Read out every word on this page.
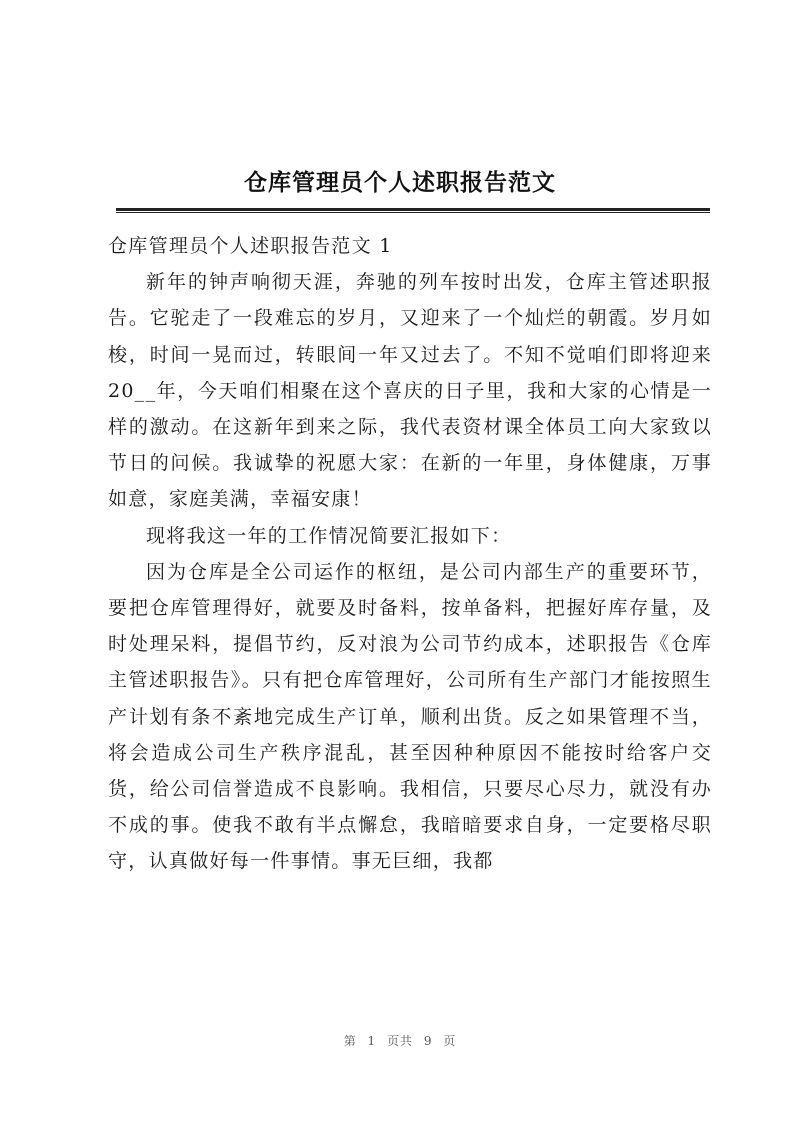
仓库管理员个人述职报告范文

仓库管理员个人述职报告范文 1

新年的钟声响彻天涯，奔驰的列车按时出发，仓库主管述职报告。它驼走了一段难忘的岁月，又迎来了一个灿烂的朝霞。岁月如梭，时间一晃而过，转眼间一年又过去了。不知不觉咱们即将迎来 20__年，今天咱们相聚在这个喜庆的日子里，我和大家的心情是一样的激动。在这新年到来之际，我代表资材课全体员工向大家致以节日的问候。我诚挚的祝愿大家：在新的一年里，身体健康，万事如意，家庭美满，幸福安康！

现将我这一年的工作情况简要汇报如下：

因为仓库是全公司运作的枢纽，是公司内部生产的重要环节，要把仓库管理得好，就要及时备料，按单备料，把握好库存量，及时处理呆料，提倡节约，反对浪为公司节约成本，述职报告《仓库主管述职报告》。只有把仓库管理好，公司所有生产部门才能按照生产计划有条不紊地完成生产订单，顺利出货。反之如果管理不当，将会造成公司生产秩序混乱，甚至因种种原因不能按时给客户交货，给公司信誉造成不良影响。我相信，只要尽心尽力，就没有办不成的事。使我不敢有半点懈怠，我暗暗要求自身，一定要格尽职守，认真做好每一件事情。事无巨细，我都

第 1 页共 9 页
